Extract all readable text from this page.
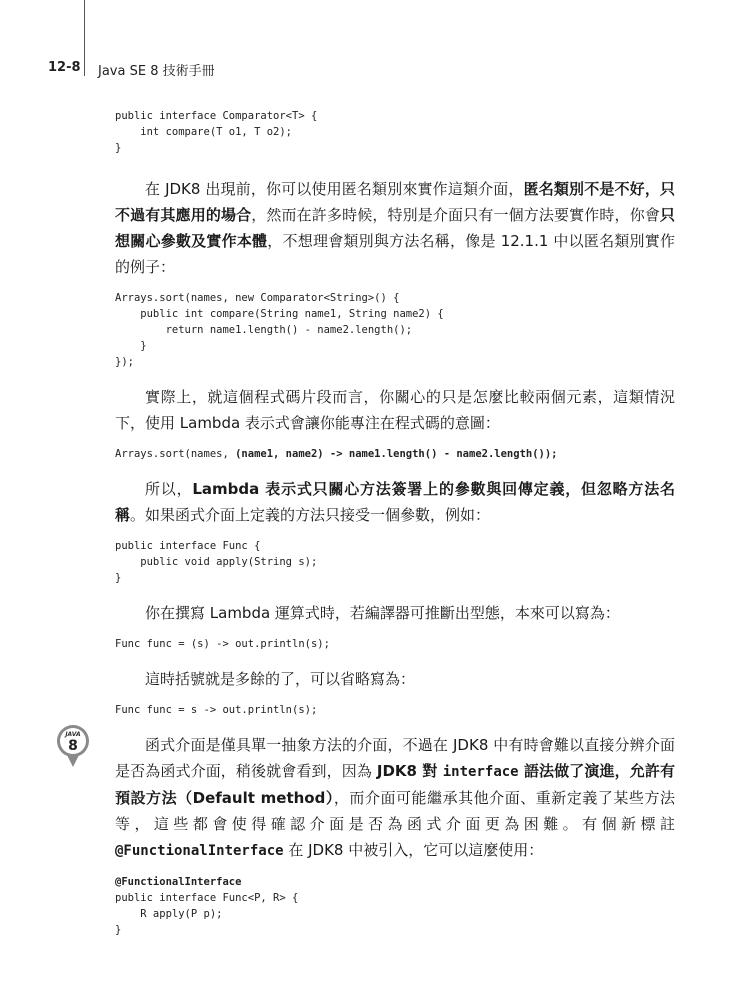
12-8 Java SE 8 技術手冊
JAVA
8
public interface Comparator<T> {
int compare(T o1, T o2);
}

在 JDK8 出現前，你可以使用匿名類別來實作這類介面，匿名類別不是不好，只不過有其應用的場合，然而在許多時候，特別是介面只有一個方法要實作時，你會只想關心參數及實作本體，不想理會類別與方法名稱，像是 12.1.1 中以匿名類別實作的例子：

Arrays.sort(names, new Comparator<String>() {
public int compare(String name1, String name2) {
return name1.length() - name2.length();
}
});

實際上，就這個程式碼片段而言，你關心的只是怎麼比較兩個元素，這類情況下，使用 Lambda 表示式會讓你能專注在程式碼的意圖：

Arrays.sort(names, (name1, name2) -> name1.length() - name2.length());

所以，Lambda 表示式只關心方法簽署上的參數與回傳定義，但忽略方法名稱。如果函式介面上定義的方法只接受一個參數，例如：

public interface Func {
public void apply(String s);
}

你在撰寫 Lambda 運算式時，若編譯器可推斷出型態，本來可以寫為：

Func func = (s) -> out.println(s);

這時括號就是多餘的了，可以省略寫為：

Func func = s -> out.println(s);

函式介面是僅具單一抽象方法的介面，不過在 JDK8 中有時會難以直接分辨介面是否為函式介面，稍後就會看到，因為 JDK8 對 interface 語法做了演進，允許有預設方法（Default method），而介面可能繼承其他介面、重新定義了某些方法等，這些都會使得確認介面是否為函式介面更為困難。有個新標註 @FunctionalInterface 在 JDK8 中被引入，它可以這麼使用：

@FunctionalInterface
public interface Func<P, R> {
R apply(P p);
}
